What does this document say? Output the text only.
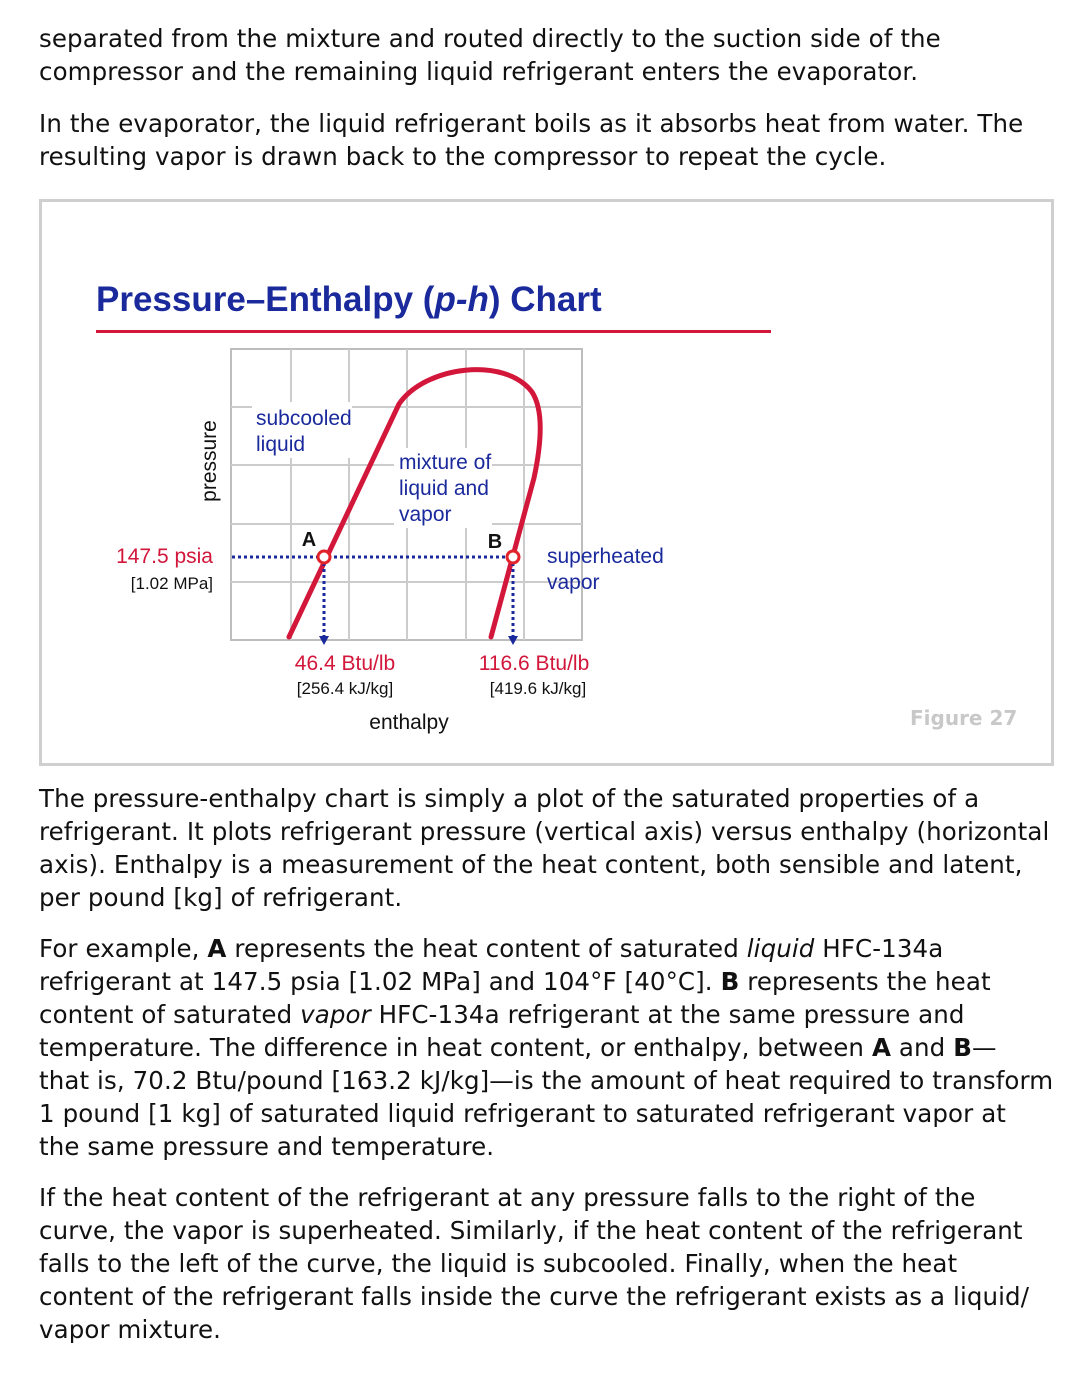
separated from the mixture and routed directly to the suction side of the compressor and the remaining liquid refrigerant enters the evaporator.

In the evaporator, the liquid refrigerant boils as it absorbs heat from water. The resulting vapor is drawn back to the compressor to repeat the cycle.

Pressure–Enthalpy (p-h) Chart
A	B
subcooled
liquid
mixture of
liquid and
vapor
superheated
vapor
pressure
enthalpy
147.5 psia
[1.02 MPa]
46.4 Btu/lb
[256.4 kJ/kg]
116.6 Btu/lb
[419.6 kJ/kg]
Figure 27

The pressure-enthalpy chart is simply a plot of the saturated properties of a refrigerant. It plots refrigerant pressure (vertical axis) versus enthalpy (horizontal axis). Enthalpy is a measurement of the heat content, both sensible and latent, per pound [kg] of refrigerant.

For example, A represents the heat content of saturated liquid HFC-134a refrigerant at 147.5 psia [1.02 MPa] and 104°F [40°C]. B represents the heat content of saturated vapor HFC-134a refrigerant at the same pressure and temperature. The difference in heat content, or enthalpy, between A and B— that is, 70.2 Btu/pound [163.2 kJ/kg]—is the amount of heat required to transform 1 pound [1 kg] of saturated liquid refrigerant to saturated refrigerant vapor at the same pressure and temperature.

If the heat content of the refrigerant at any pressure falls to the right of the curve, the vapor is superheated. Similarly, if the heat content of the refrigerant falls to the left of the curve, the liquid is subcooled. Finally, when the heat content of the refrigerant falls inside the curve the refrigerant exists as a liquid/ vapor mixture.
